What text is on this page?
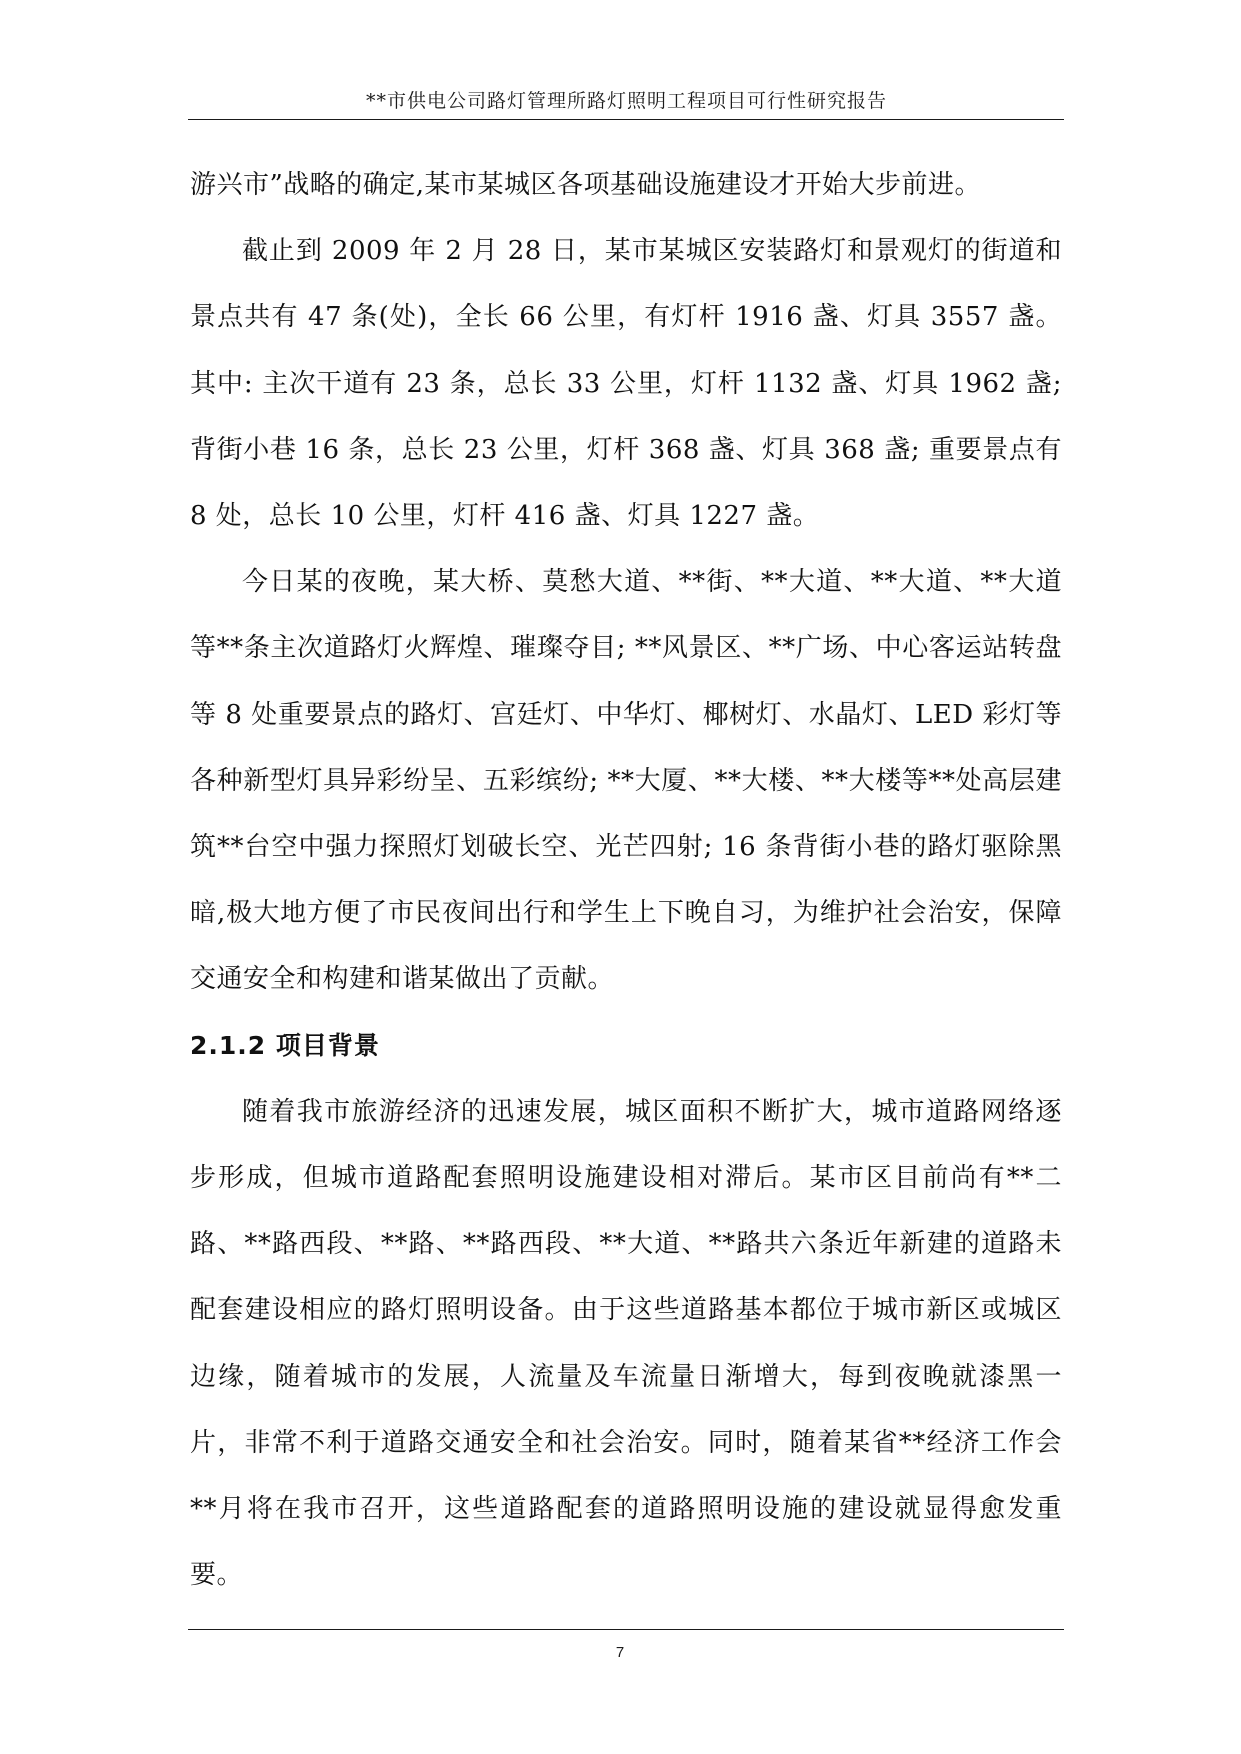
**市供电公司路灯管理所路灯照明工程项目可行性研究报告

游兴市”战略的确定,某市某城区各项基础设施建设才开始大步前进。

截止到 2009 年 2 月 28 日，某市某城区安装路灯和景观灯的街道和景点共有 47 条(处)，全长 66 公里，有灯杆 1916 盏、灯具 3557 盏。其中: 主次干道有 23 条，总长 33 公里，灯杆 1132 盏、灯具 1962 盏;背街小巷 16 条，总长 23 公里，灯杆 368 盏、灯具 368 盏; 重要景点有 8 处，总长 10 公里，灯杆 416 盏、灯具 1227 盏。

今日某的夜晚，某大桥、莫愁大道、**街、**大道、**大道、**大道等**条主次道路灯火辉煌、璀璨夺目; **风景区、**广场、中心客运站转盘等 8 处重要景点的路灯、宫廷灯、中华灯、椰树灯、水晶灯、LED 彩灯等各种新型灯具异彩纷呈、五彩缤纷; **大厦、**大楼、**大楼等**处高层建筑**台空中强力探照灯划破长空、光芒四射; 16 条背街小巷的路灯驱除黑暗,极大地方便了市民夜间出行和学生上下晚自习，为维护社会治安，保障交通安全和构建和谐某做出了贡献。

2.1.2 项目背景

随着我市旅游经济的迅速发展，城区面积不断扩大，城市道路网络逐步形成，但城市道路配套照明设施建设相对滞后。某市区目前尚有**二路、**路西段、**路、**路西段、**大道、**路共六条近年新建的道路未配套建设相应的路灯照明设备。由于这些道路基本都位于城市新区或城区边缘，随着城市的发展，人流量及车流量日渐增大，每到夜晚就漆黑一片，非常不利于道路交通安全和社会治安。同时，随着某省**经济工作会**月将在我市召开，这些道路配套的道路照明设施的建设就显得愈发重要。

7
